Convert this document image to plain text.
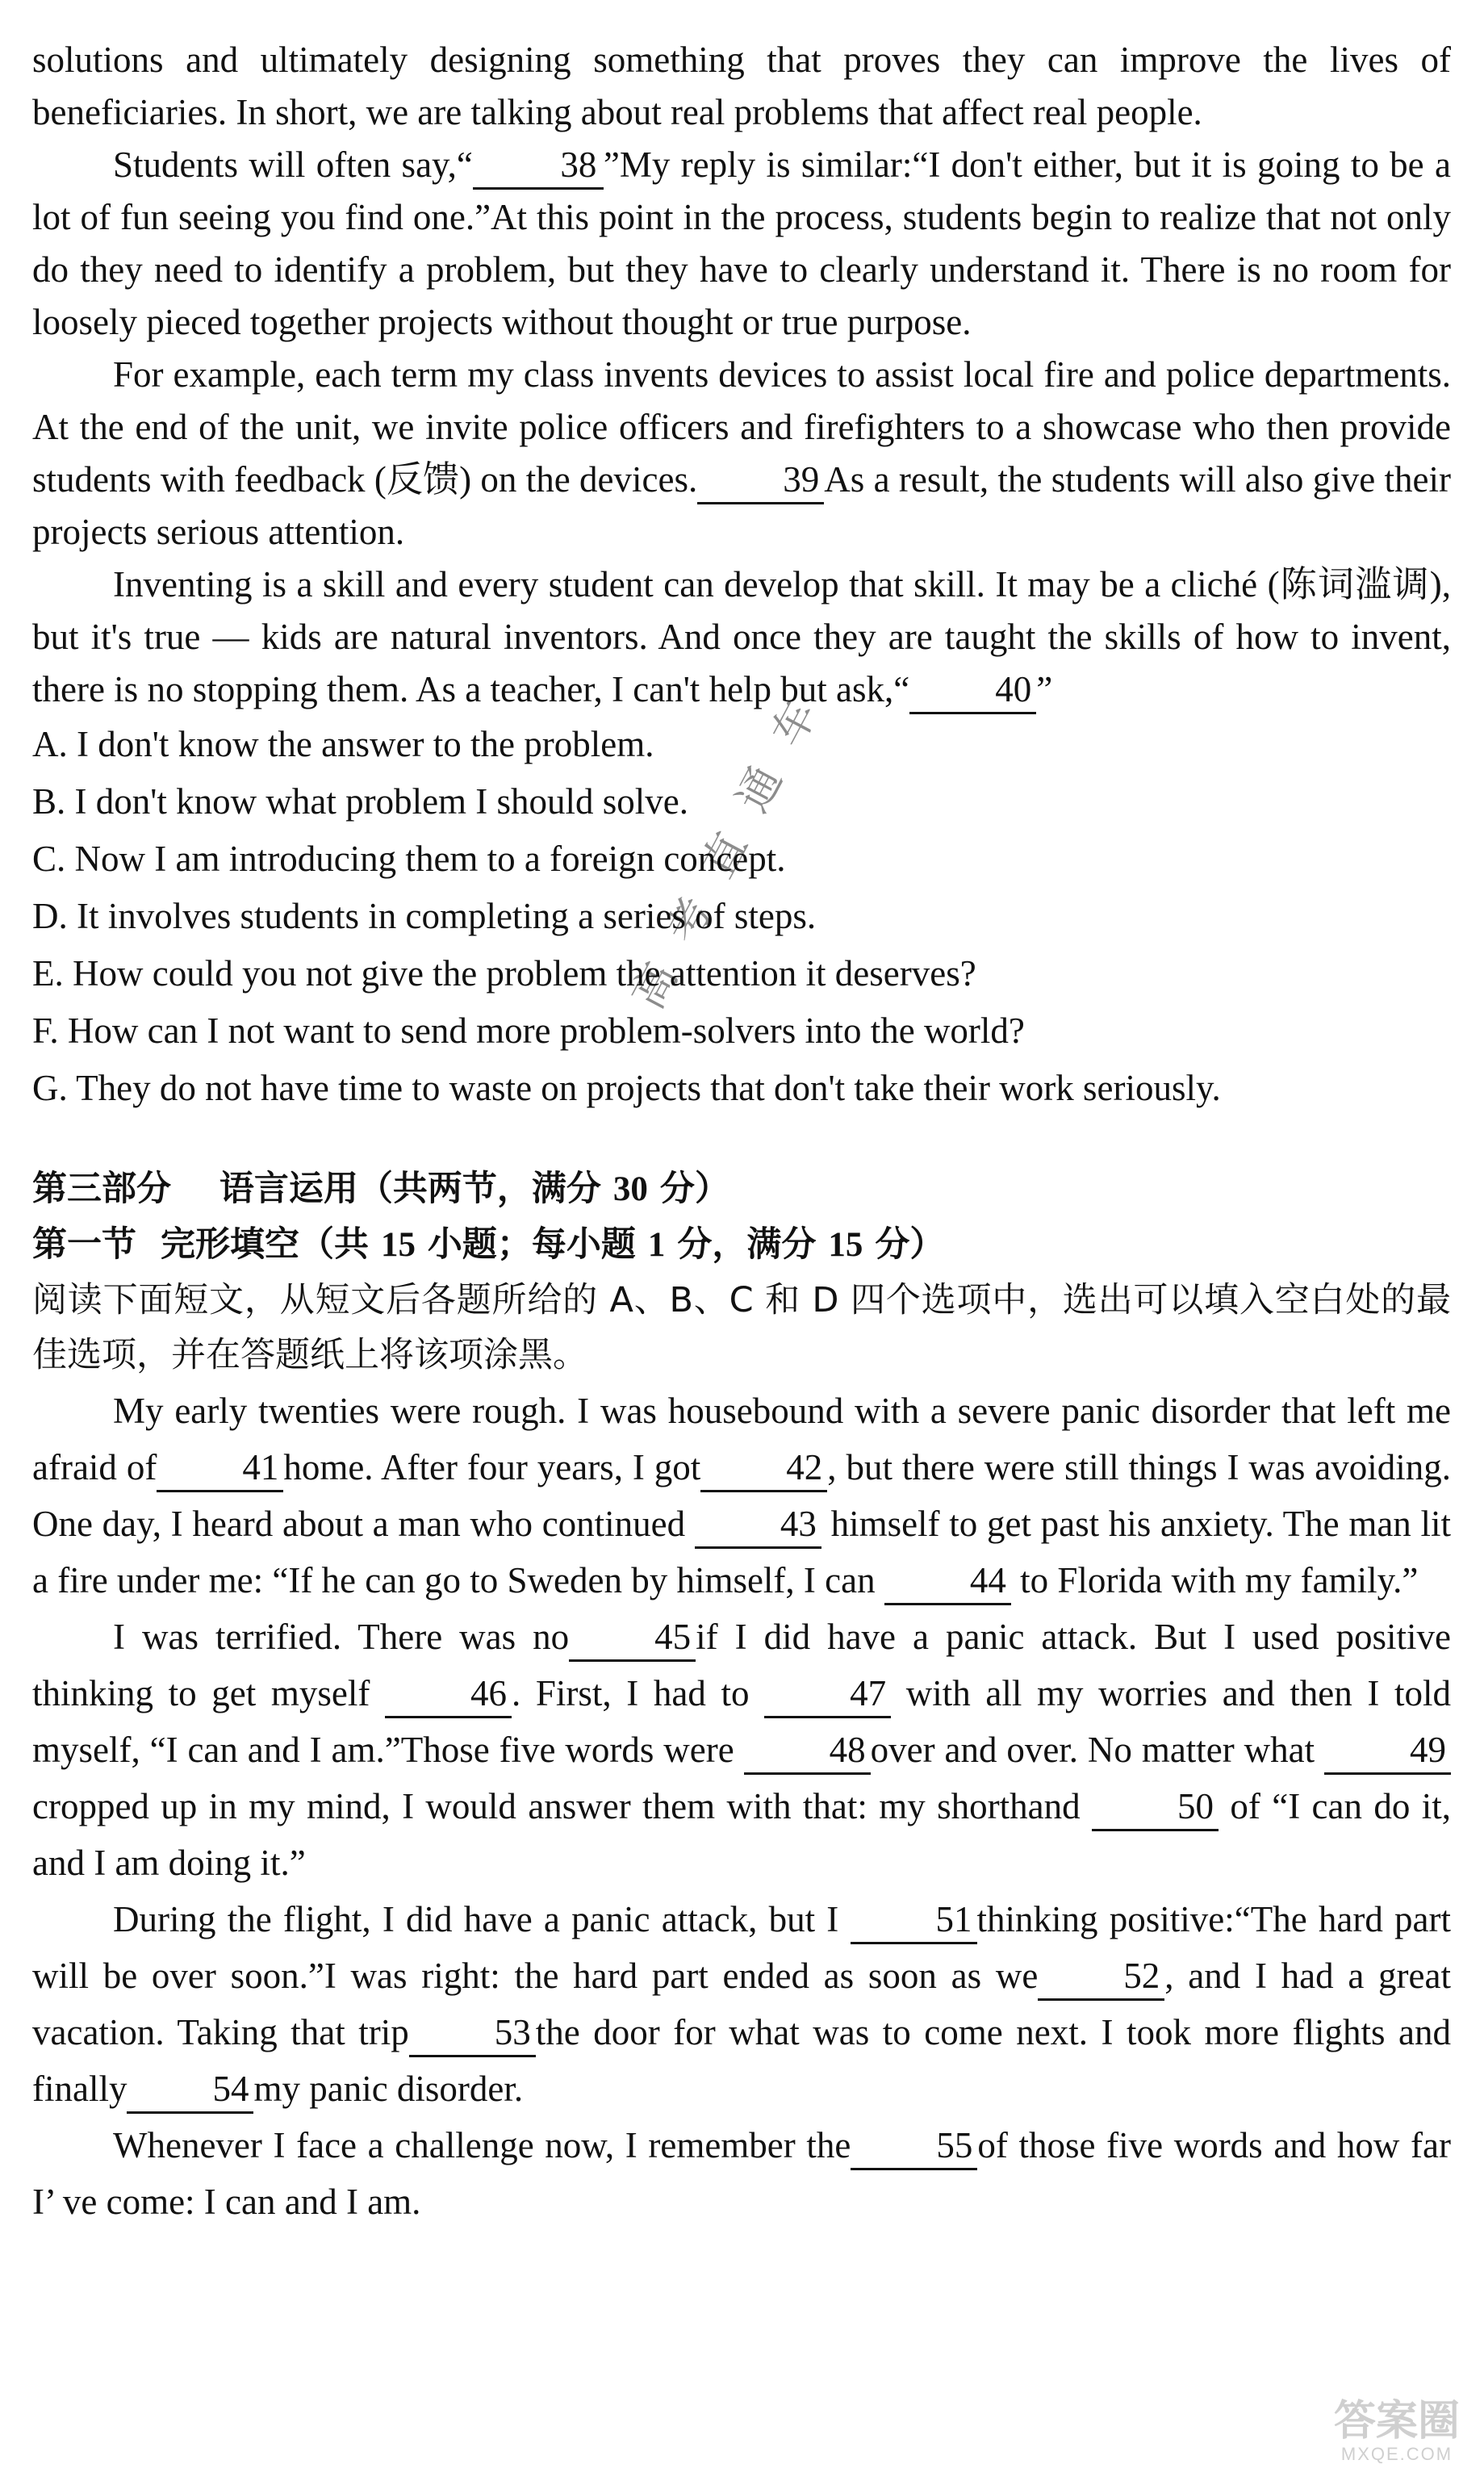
solutions and ultimately designing something that proves they can improve the lives of beneficiaries. In short, we are talking about real problems that affect real people.

Students will often say,“ 38 ”My reply is similar:“I don't either, but it is going to be a lot of fun seeing you find one.”At this point in the process, students begin to realize that not only do they need to identify a problem, but they have to clearly understand it. There is no room for loosely pieced together projects without thought or true purpose.

For example, each term my class invents devices to assist local fire and police departments. At the end of the unit, we invite police officers and firefighters to a showcase who then provide students with feedback (反馈) on the devices. 39 As a result, the students will also give their projects serious attention.

Inventing is a skill and every student can develop that skill. It may be a cliché (陈词滥调), but it's true — kids are natural inventors. And once they are taught the skills of how to invent, there is no stopping them. As a teacher, I can't help but ask,“ 40 ”

A. I don't know the answer to the problem.

B. I don't know what problem I should solve.

C. Now I am introducing them to a foreign concept.

D. It involves students in completing a series of steps.

E. How could you not give the problem the attention it deserves?

F. How can I not want to send more problem-solvers into the world?

G. They do not have time to waste on projects that don't take their work seriously.

第三部分 语言运用（共两节，满分 30 分）

第一节 完形填空（共 15 小题；每小题 1 分，满分 15 分）

阅读下面短文，从短文后各题所给的 A、B、C 和 D 四个选项中，选出可以填入空白处的最佳选项，并在答题纸上将该项涂黑。

My early twenties were rough. I was housebound with a severe panic disorder that left me afraid of 41 home. After four years, I got 42 , but there were still things I was avoiding. One day, I heard about a man who continued	43 himself to get past his anxiety. The man lit a fire under me: “If he can go to Sweden by himself, I can	44 to Florida with my family.”

I was terrified. There was no 45 if I did have a panic attack. But I used positive thinking to get myself	46 . First, I had to	47 with all my worries and then I told myself, “I can and I am.”Those five words were	48 over and over. No matter what	49cropped up in my mind, I would answer them with that: my shorthand	50 of “I can do it, and I am doing it.”

During the flight, I did have a panic attack, but I	51 thinking positive:“The hard part will be over soon.”I was right: the hard part ended as soon as we 52 , and I had a great vacation. Taking that trip 53 the door for what was to come next. I took more flights and finally 54 my panic disorder.

Whenever I face a challenge now, I remember the 55 of those five words and how far I’ ve come: I can and I am.

高考直通车
答案圈
MXQE.COM
